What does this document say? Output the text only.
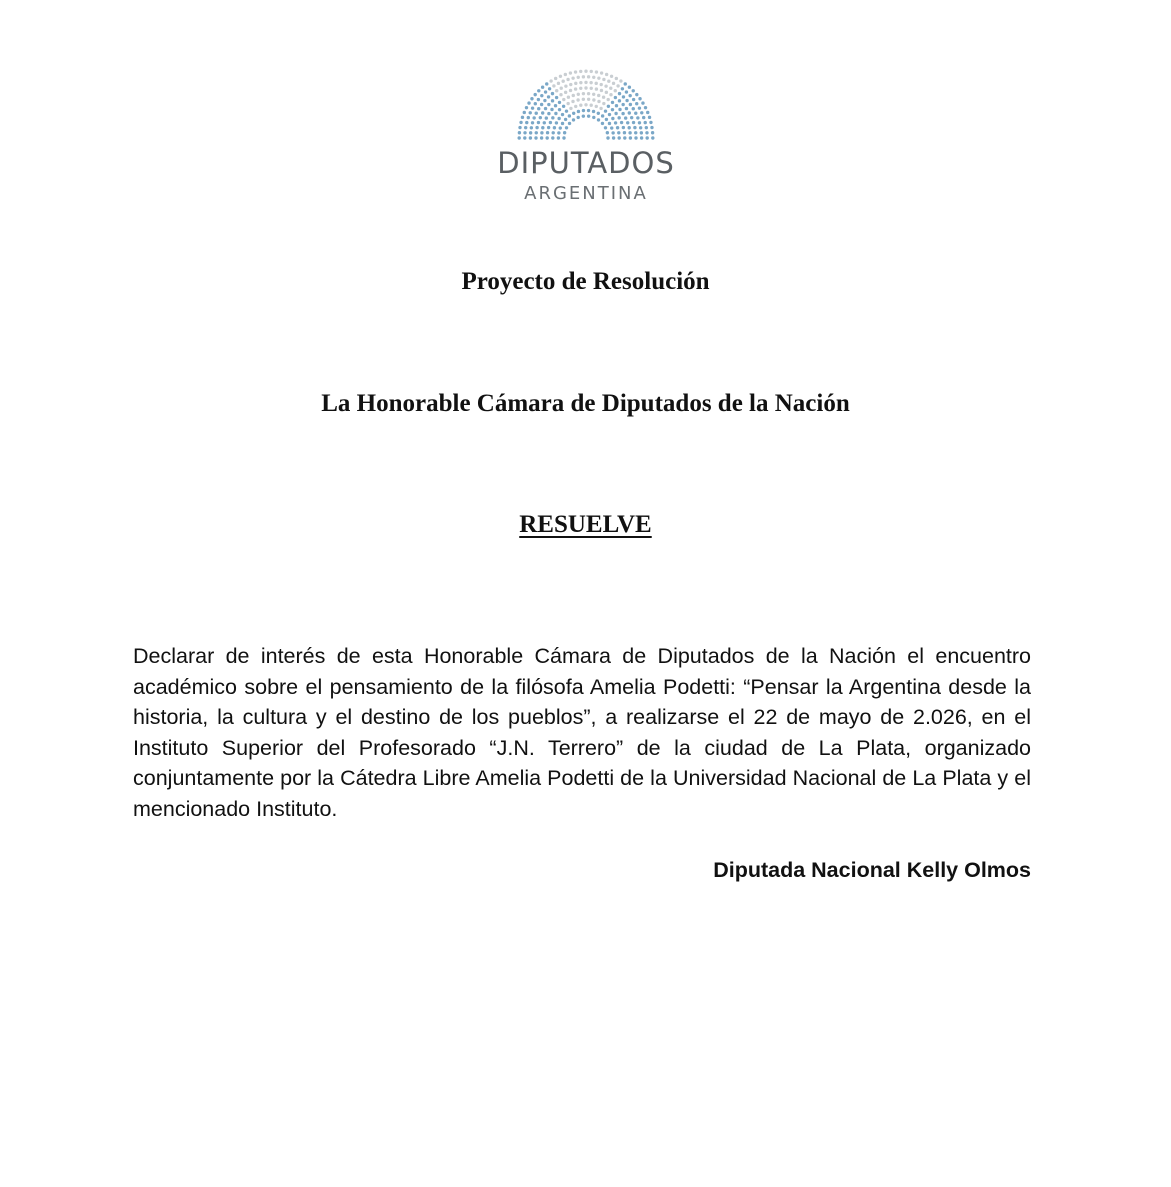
DIPUTADOS
ARGENTINA
Proyecto de Resolución
La Honorable Cámara de Diputados de la Nación
RESUELVE
Declarar de interés de esta Honorable Cámara de Diputados de la Nación el encuentro académico sobre el pensamiento de la filósofa Amelia Podetti: “Pensar la Argentina desde la historia, la cultura y el destino de los pueblos”, a realizarse el 22 de mayo de 2.026, en el Instituto Superior del Profesorado “J.N. Terrero” de la ciudad de La Plata, organizado conjuntamente por la Cátedra Libre Amelia Podetti de la Universidad Nacional de La Plata y el mencionado Instituto.
Diputada Nacional Kelly Olmos
